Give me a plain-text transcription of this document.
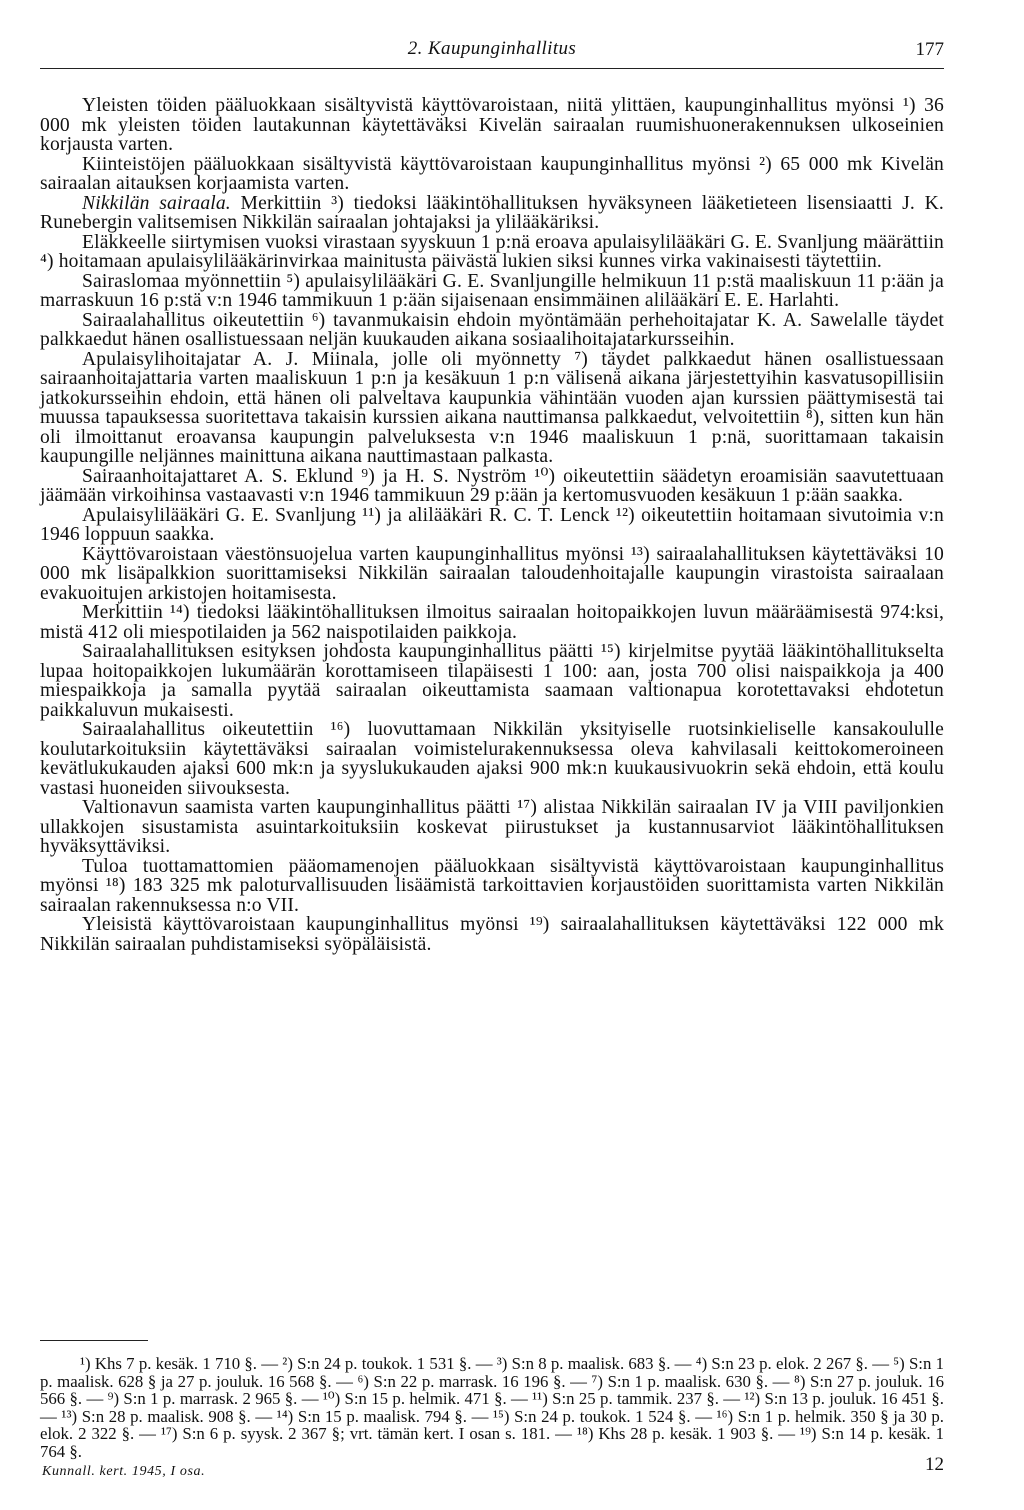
2. Kaupunginhallitus	177

Yleisten töiden pääluokkaan sisältyvistä käyttövaroistaan, niitä ylittäen, kaupunginhallitus myönsi ¹) 36 000 mk yleisten töiden lautakunnan käytettäväksi Kivelän sairaalan ruumishuonerakennuksen ulkoseinien korjausta varten.

Kiinteistöjen pääluokkaan sisältyvistä käyttövaroistaan kaupunginhallitus myönsi ²) 65 000 mk Kivelän sairaalan aitauksen korjaamista varten.

Nikkilän sairaala. Merkittiin ³) tiedoksi lääkintöhallituksen hyväksyneen lääketieteen lisensiaatti J. K. Runebergin valitsemisen Nikkilän sairaalan johtajaksi ja ylilääkäriksi.

Eläkkeelle siirtymisen vuoksi virastaan syyskuun 1 p:nä eroava apulaisylilääkäri G. E. Svanljung määrättiin ⁴) hoitamaan apulaisylilääkärinvirkaa mainitusta päivästä lukien siksi kunnes virka vakinaisesti täytettiin.

Sairaslomaa myönnettiin ⁵) apulaisylilääkäri G. E. Svanljungille helmikuun 11 p:stä maaliskuun 11 p:ään ja marraskuun 16 p:stä v:n 1946 tammikuun 1 p:ään sijaisenaan ensimmäinen alilääkäri E. E. Harlahti.

Sairaalahallitus oikeutettiin ⁶) tavanmukaisin ehdoin myöntämään perhehoitajatar K. A. Sawelalle täydet palkkaedut hänen osallistuessaan neljän kuukauden aikana sosiaalihoitajatarkursseihin.

Apulaisylihoitajatar A. J. Miinala, jolle oli myönnetty ⁷) täydet palkkaedut hänen osallistuessaan sairaanhoitajattaria varten maaliskuun 1 p:n ja kesäkuun 1 p:n välisenä aikana järjestettyihin kasvatusopillisiin jatkokursseihin ehdoin, että hänen oli palveltava kaupunkia vähintään vuoden ajan kurssien päättymisestä tai muussa tapauksessa suoritettava takaisin kurssien aikana nauttimansa palkkaedut, velvoitettiin ⁸), sitten kun hän oli ilmoittanut eroavansa kaupungin palveluksesta v:n 1946 maaliskuun 1 p:nä, suorittamaan takaisin kaupungille neljännes mainittuna aikana nauttimastaan palkasta.

Sairaanhoitajattaret A. S. Eklund ⁹) ja H. S. Nyström ¹⁰) oikeutettiin säädetyn eroamisiän saavutettuaan jäämään virkoihinsa vastaavasti v:n 1946 tammikuun 29 p:ään ja kertomusvuoden kesäkuun 1 p:ään saakka.

Apulaisylilääkäri G. E. Svanljung ¹¹) ja alilääkäri R. C. T. Lenck ¹²) oikeutettiin hoitamaan sivutoimia v:n 1946 loppuun saakka.

Käyttövaroistaan väestönsuojelua varten kaupunginhallitus myönsi ¹³) sairaalahallituksen käytettäväksi 10 000 mk lisäpalkkion suorittamiseksi Nikkilän sairaalan taloudenhoitajalle kaupungin virastoista sairaalaan evakuoitujen arkistojen hoitamisesta.

Merkittiin ¹⁴) tiedoksi lääkintöhallituksen ilmoitus sairaalan hoitopaikkojen luvun määräämisestä 974:ksi, mistä 412 oli miespotilaiden ja 562 naispotilaiden paikkoja.

Sairaalahallituksen esityksen johdosta kaupunginhallitus päätti ¹⁵) kirjelmitse pyytää lääkintöhallitukselta lupaa hoitopaikkojen lukumäärän korottamiseen tilapäisesti 1 100: aan, josta 700 olisi naispaikkoja ja 400 miespaikkoja ja samalla pyytää sairaalan oikeuttamista saamaan valtionapua korotettavaksi ehdotetun paikkaluvun mukaisesti.

Sairaalahallitus oikeutettiin ¹⁶) luovuttamaan Nikkilän yksityiselle ruotsinkieliselle kansakoululle koulutarkoituksiin käytettäväksi sairaalan voimistelurakennuksessa oleva kahvilasali keittokomeroineen kevätlukukauden ajaksi 600 mk:n ja syyslukukauden ajaksi 900 mk:n kuukausivuokrin sekä ehdoin, että koulu vastasi huoneiden siivouksesta.

Valtionavun saamista varten kaupunginhallitus päätti ¹⁷) alistaa Nikkilän sairaalan IV ja VIII paviljonkien ullakkojen sisustamista asuintarkoituksiin koskevat piirustukset ja kustannusarviot lääkintöhallituksen hyväksyttäviksi.

Tuloa tuottamattomien pääomamenojen pääluokkaan sisältyvistä käyttövaroistaan kaupunginhallitus myönsi ¹⁸) 183 325 mk paloturvallisuuden lisäämistä tarkoittavien korjaustöiden suorittamista varten Nikkilän sairaalan rakennuksessa n:o VII.

Yleisistä käyttövaroistaan kaupunginhallitus myönsi ¹⁹) sairaalahallituksen käytettäväksi 122 000 mk Nikkilän sairaalan puhdistamiseksi syöpäläisistä.

¹) Khs 7 p. kesäk. 1 710 §. — ²) S:n 24 p. toukok. 1 531 §. — ³) S:n 8 p. maalisk. 683 §. — ⁴) S:n 23 p. elok. 2 267 §. — ⁵) S:n 1 p. maalisk. 628 § ja 27 p. jouluk. 16 568 §. — ⁶) S:n 22 p. marrask. 16 196 §. — ⁷) S:n 1 p. maalisk. 630 §. — ⁸) S:n 27 p. jouluk. 16 566 §. — ⁹) S:n 1 p. marrask. 2 965 §. — ¹⁰) S:n 15 p. helmik. 471 §. — ¹¹) S:n 25 p. tammik. 237 §. — ¹²) S:n 13 p. jouluk. 16 451 §. — ¹³) S:n 28 p. maalisk. 908 §. — ¹⁴) S:n 15 p. maalisk. 794 §. — ¹⁵) S:n 24 p. toukok. 1 524 §. — ¹⁶) S:n 1 p. helmik. 350 § ja 30 p. elok. 2 322 §. — ¹⁷) S:n 6 p. syysk. 2 367 §; vrt. tämän kert. I osan s. 181. — ¹⁸) Khs 28 p. kesäk. 1 903 §. — ¹⁹) S:n 14 p. kesäk. 1 764 §.

Kunnall. kert. 1945, I osa.	12
